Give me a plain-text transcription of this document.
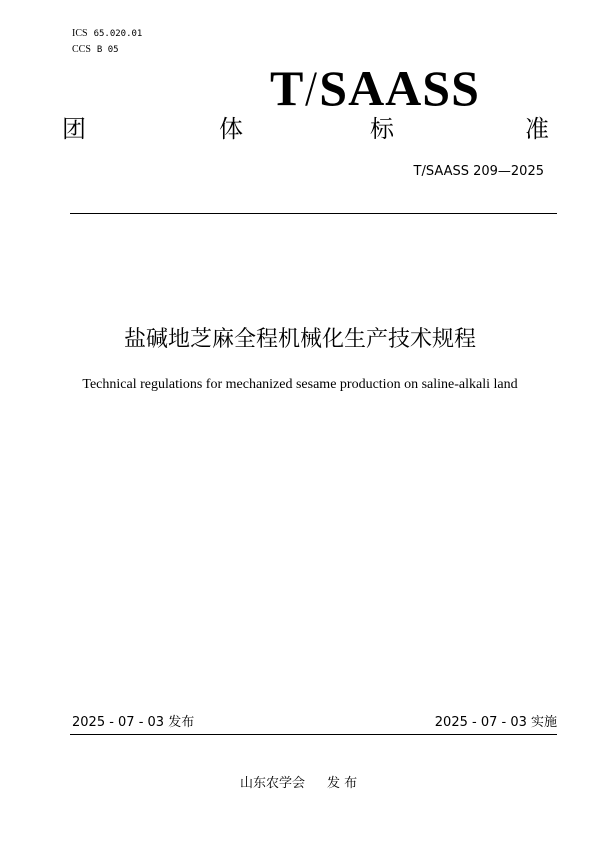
ICS 65.020.01
CCS B 05
T/SAASS
团	体	标	准
T/SAASS 209—2025
盐碱地芝麻全程机械化生产技术规程
Technical regulations for mechanized sesame production on saline-alkali land
2025 - 07 - 03 发布	2025 - 07 - 03 实施
山东农学会 发 布
